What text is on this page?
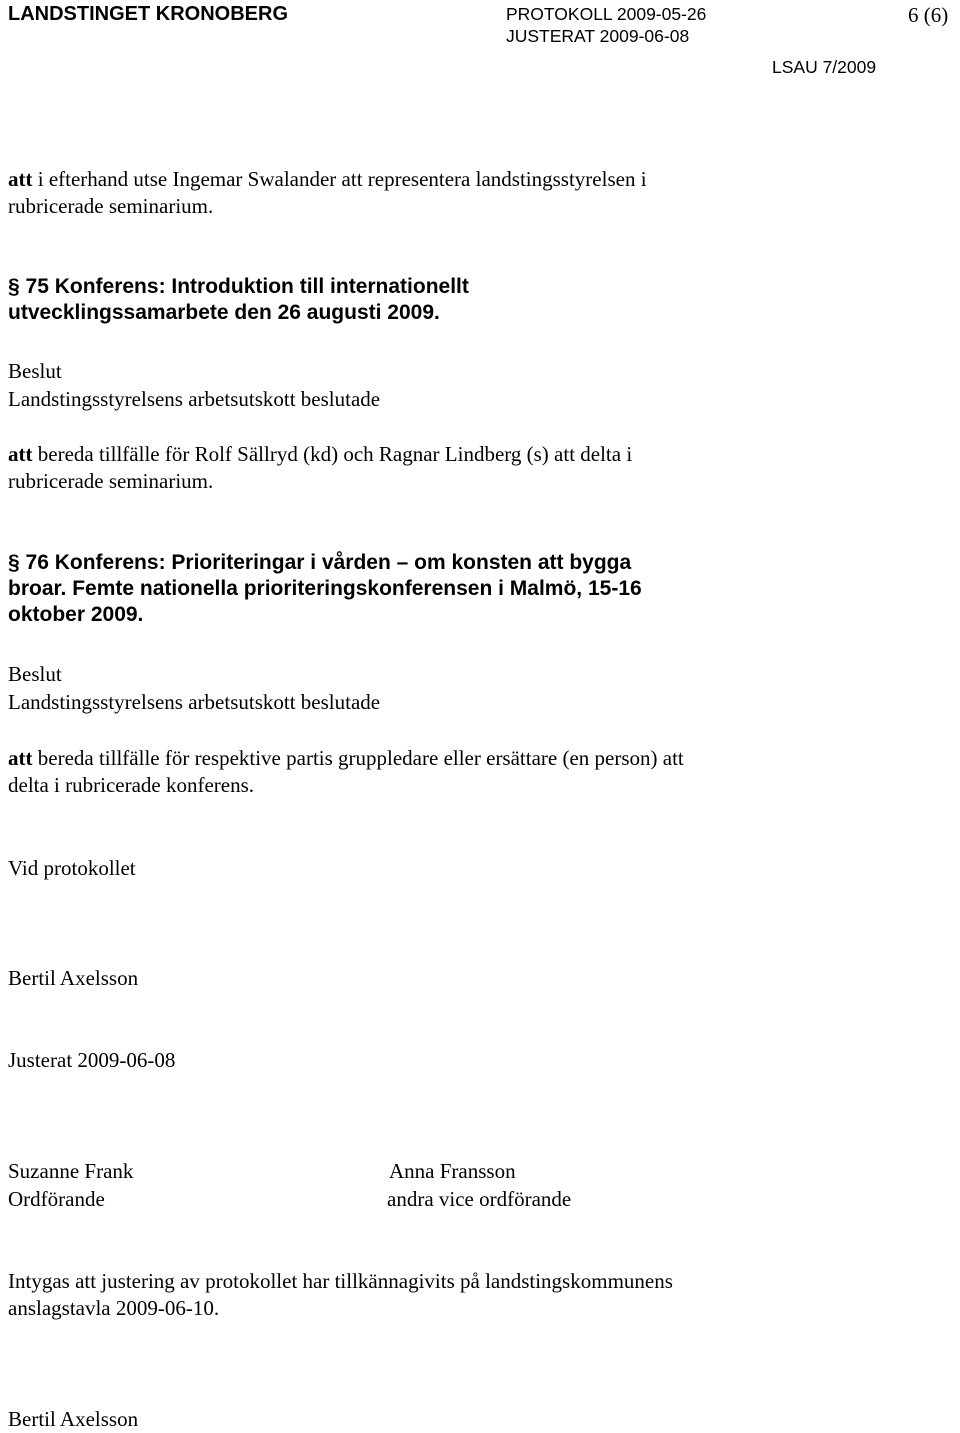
LANDSTINGET KRONOBERG	PROTOKOLL 2009-05-26
JUSTERAT 2009-06-08
6 (6)
LSAU 7/2009
att i efterhand utse Ingemar Swalander att representera landstingsstyrelsen i
rubricerade seminarium.
§ 75 Konferens: Introduktion till internationellt
utvecklingssamarbete den 26 augusti 2009.
Beslut
Landstingsstyrelsens arbetsutskott beslutade
att bereda tillfälle för Rolf Sällryd (kd) och Ragnar Lindberg (s) att delta i
rubricerade seminarium.
§ 76 Konferens: Prioriteringar i vården – om konsten att bygga
broar. Femte nationella prioriteringskonferensen i Malmö, 15-16
oktober 2009.
Beslut
Landstingsstyrelsens arbetsutskott beslutade
att bereda tillfälle för respektive partis gruppledare eller ersättare (en person) att
delta i rubricerade konferens.
Vid protokollet
Bertil Axelsson
Justerat 2009-06-08
Suzanne Frank
Ordförande
Anna Fransson
andra vice ordförande
Intygas att justering av protokollet har tillkännagivits på landstingskommunens
anslagstavla 2009-06-10.
Bertil Axelsson
